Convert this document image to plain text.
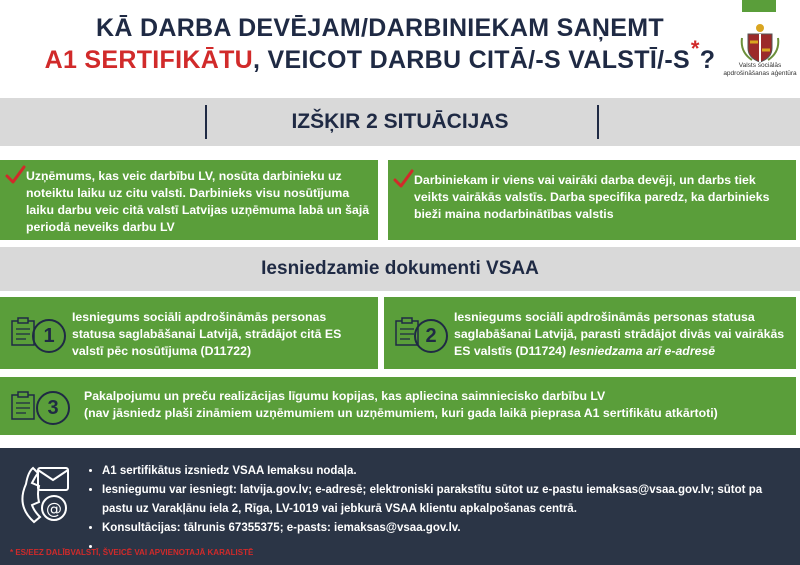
KĀ DARBA DEVĒJAM/DARBINIEKAM SAŅEMT
A1 SERTIFIKĀTU, VEICOT DARBU CITĀ/-S VALSTĪ/-S*?	Valsts sociālās apdrošināšanas aģentūra
IZŠĶIR 2 SITUĀCIJAS
Uzņēmums, kas veic darbību LV, nosūta darbinieku uz noteiktu laiku uz citu valsti. Darbinieks visu nosūtījuma laiku darbu veic citā valstī Latvijas uzņēmuma labā un šajā periodā neveiks darbu LV
Darbiniekam ir viens vai vairāki darba devēji, un darbs tiek veikts vairākās valstīs. Darba specifika paredz, ka darbinieks bieži maina nodarbinātības valstis
Iesniedzamie dokumenti VSAA
1
Iesniegums sociāli apdrošināmās personas statusa saglabāšanai Latvijā, strādājot citā ES valstī pēc nosūtījuma (D11722)
2
Iesniegums sociāli apdrošināmās personas statusa saglabāšanai Latvijā, parasti strādājot divās vai vairākās ES valstīs (D11724) Iesniedzama arī e-adresē
3
Pakalpojumu un preču realizācijas līgumu kopijas, kas apliecina saimniecisko darbību LV
(nav jāsniedz plaši zināmiem uzņēmumiem un uzņēmumiem, kuri gada laikā pieprasa A1 sertifikātu atkārtoti)
@
• A1 sertifikātus izsniedz VSAA Iemaksu nodaļa.
• Iesniegumu var iesniegt: latvija.gov.lv; e-adresē; elektroniski parakstītu sūtot uz e-pastu iemaksas@vsaa.gov.lv; sūtot pa pastu uz Varakļānu iela 2, Rīga, LV-1019 vai jebkurā VSAA klientu apkalpošanas centrā.
• Konsultācijas: tālrunis 67355375; e-pasts: iemaksas@vsaa.gov.lv.
•
* ES/EEZ DALĪBVALSTĪ, ŠVEICĒ VAI APVIENOTAJĀ KARALISTĒ
